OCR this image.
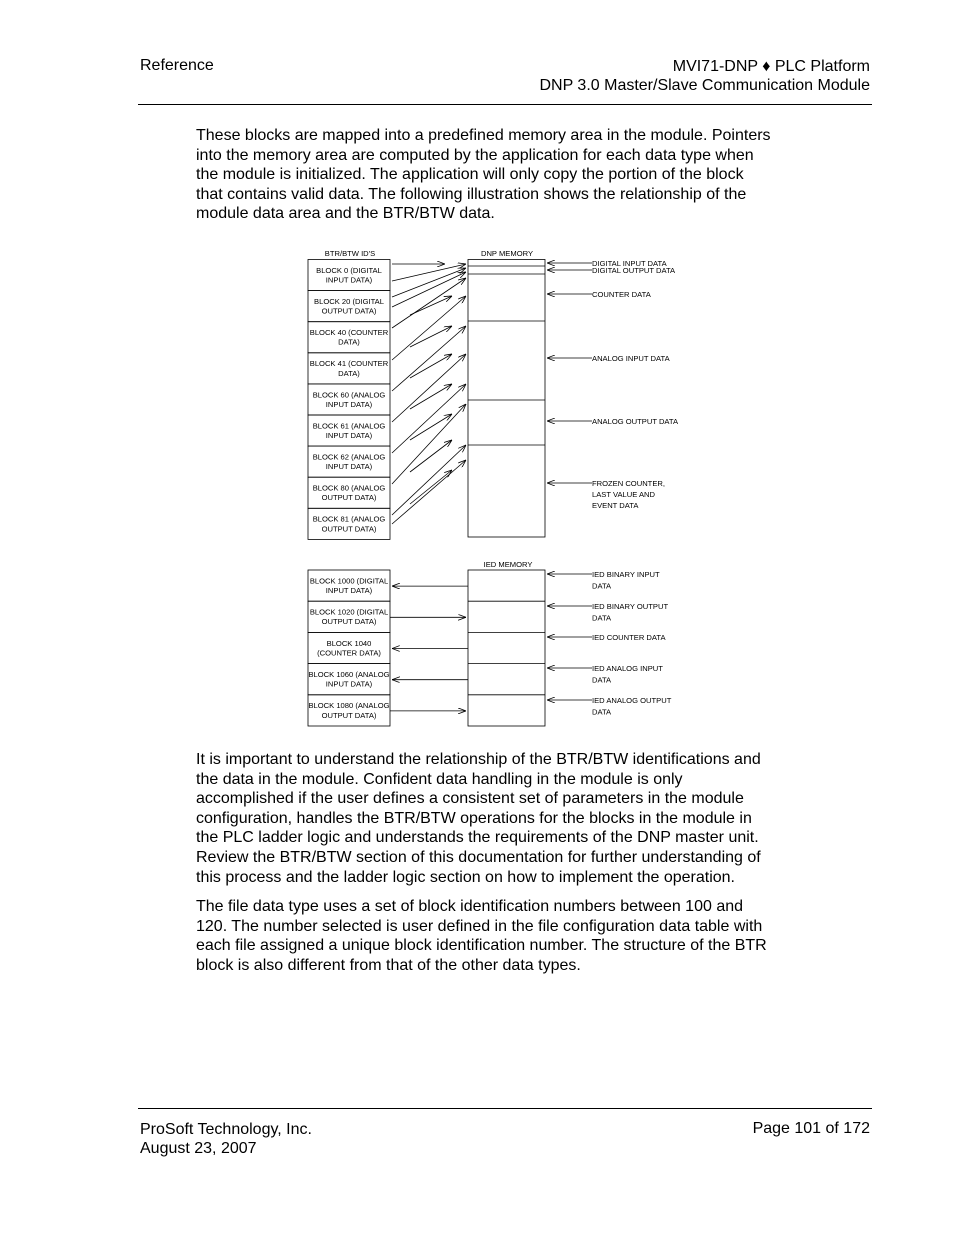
Reference	MVI71-DNP ♦ PLC Platform
DNP 3.0 Master/Slave Communication Module
These blocks are mapped into a predefined memory area in the module. Pointers
into the memory area are computed by the application for each data type when
the module is initialized. The application will only copy the portion of the block
that contains valid data. The following illustration shows the relationship of the
module data area and the BTR/BTW data.
BTR/BTW ID'S	DNP MEMORY
IED MEMORY
BLOCK 0 (DIGITAL
INPUT DATA)
BLOCK 20 (DIGITAL
OUTPUT DATA)
BLOCK 40 (COUNTER
DATA)
BLOCK 41 (COUNTER
DATA)
BLOCK 60 (ANALOG
INPUT DATA)
BLOCK 61 (ANALOG
INPUT DATA)
BLOCK 62 (ANALOG
INPUT DATA)
BLOCK 80 (ANALOG
OUTPUT DATA)
BLOCK 81 (ANALOG
OUTPUT DATA)
DIGITAL INPUT DATA
DIGITAL OUTPUT DATA
COUNTER DATA
ANALOG INPUT DATA
ANALOG OUTPUT DATA
FROZEN COUNTER,
LAST VALUE AND
EVENT DATA
BLOCK 1000 (DIGITAL
INPUT DATA)
BLOCK 1020 (DIGITAL
OUTPUT DATA)
BLOCK 1040
(COUNTER DATA)
BLOCK 1060 (ANALOG
INPUT DATA)
BLOCK 1080 (ANALOG
OUTPUT DATA)
IED BINARY INPUT
DATA
IED BINARY OUTPUT
DATA
IED COUNTER DATA
IED ANALOG INPUT
DATA
IED ANALOG OUTPUT
DATA
It is important to understand the relationship of the BTR/BTW identifications and
the data in the module. Confident data handling in the module is only
accomplished if the user defines a consistent set of parameters in the module
configuration, handles the BTR/BTW operations for the blocks in the module in
the PLC ladder logic and understands the requirements of the DNP master unit.
Review the BTR/BTW section of this documentation for further understanding of
this process and the ladder logic section on how to implement the operation.
The file data type uses a set of block identification numbers between 100 and
120. The number selected is user defined in the file configuration data table with
each file assigned a unique block identification number. The structure of the BTR
block is also different from that of the other data types.
ProSoft Technology, Inc.
August 23, 2007
Page 101 of 172
